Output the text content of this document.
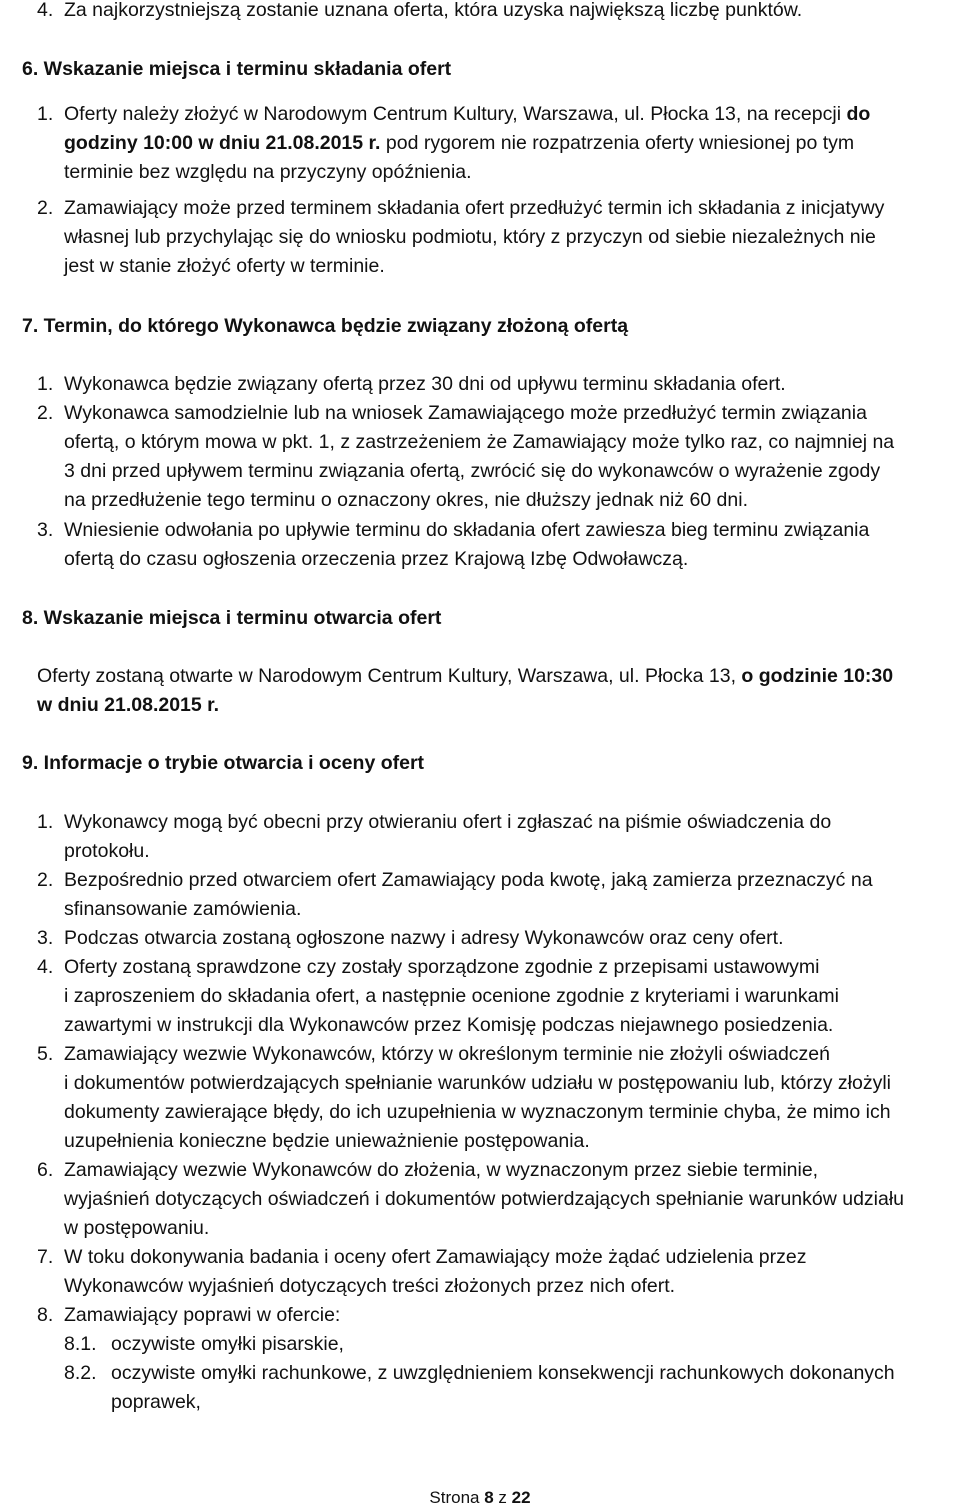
4. Za najkorzystniejszą zostanie uznana oferta, która uzyska największą liczbę punktów.
6. Wskazanie miejsca i terminu składania ofert
1. Oferty należy złożyć w Narodowym Centrum Kultury, Warszawa, ul. Płocka 13, na recepcji do
godziny 10:00 w dniu 21.08.2015 r. pod rygorem nie rozpatrzenia oferty wniesionej po tym
terminie bez względu na przyczyny opóźnienia.
2. Zamawiający może przed terminem składania ofert przedłużyć termin ich składania z inicjatywy
własnej lub przychylając się do wniosku podmiotu, który z przyczyn od siebie niezależnych nie
jest w stanie złożyć oferty w terminie.
7. Termin, do którego Wykonawca będzie związany złożoną ofertą
1. Wykonawca będzie związany ofertą przez 30 dni od upływu terminu składania ofert.
2. Wykonawca samodzielnie lub na wniosek Zamawiającego może przedłużyć termin związania
ofertą, o którym mowa w pkt. 1, z zastrzeżeniem że Zamawiający może tylko raz, co najmniej na
3 dni przed upływem terminu związania ofertą, zwrócić się do wykonawców o wyrażenie zgody
na przedłużenie tego terminu o oznaczony okres, nie dłuższy jednak niż 60 dni.
3. Wniesienie odwołania po upływie terminu do składania ofert zawiesza bieg terminu związania
ofertą do czasu ogłoszenia orzeczenia przez Krajową Izbę Odwoławczą.
8. Wskazanie miejsca i terminu otwarcia ofert
Oferty zostaną otwarte w Narodowym Centrum Kultury, Warszawa, ul. Płocka 13, o godzinie 10:30
w dniu 21.08.2015 r.
9. Informacje o trybie otwarcia i oceny ofert
1. Wykonawcy mogą być obecni przy otwieraniu ofert i zgłaszać na piśmie oświadczenia do
protokołu.
2. Bezpośrednio przed otwarciem ofert Zamawiający poda kwotę, jaką zamierza przeznaczyć na
sfinansowanie zamówienia.
3. Podczas otwarcia zostaną ogłoszone nazwy i adresy Wykonawców oraz ceny ofert.
4. Oferty zostaną sprawdzone czy zostały sporządzone zgodnie z przepisami ustawowymi
i zaproszeniem do składania ofert, a następnie ocenione zgodnie z kryteriami i warunkami
zawartymi w instrukcji dla Wykonawców przez Komisję podczas niejawnego posiedzenia.
5. Zamawiający wezwie Wykonawców, którzy w określonym terminie nie złożyli oświadczeń
i dokumentów potwierdzających spełnianie warunków udziału w postępowaniu lub, którzy złożyli
dokumenty zawierające błędy, do ich uzupełnienia w wyznaczonym terminie chyba, że mimo ich
uzupełnienia konieczne będzie unieważnienie postępowania.
6. Zamawiający wezwie Wykonawców do złożenia, w wyznaczonym przez siebie terminie,
wyjaśnień dotyczących oświadczeń i dokumentów potwierdzających spełnianie warunków udziału
w postępowaniu.
7. W toku dokonywania badania i oceny ofert Zamawiający może żądać udzielenia przez
Wykonawców wyjaśnień dotyczących treści złożonych przez nich ofert.
8. Zamawiający poprawi w ofercie:
8.1. oczywiste omyłki pisarskie,
8.2. oczywiste omyłki rachunkowe, z uwzględnieniem konsekwencji rachunkowych dokonanych
poprawek,
Strona 8 z 22
